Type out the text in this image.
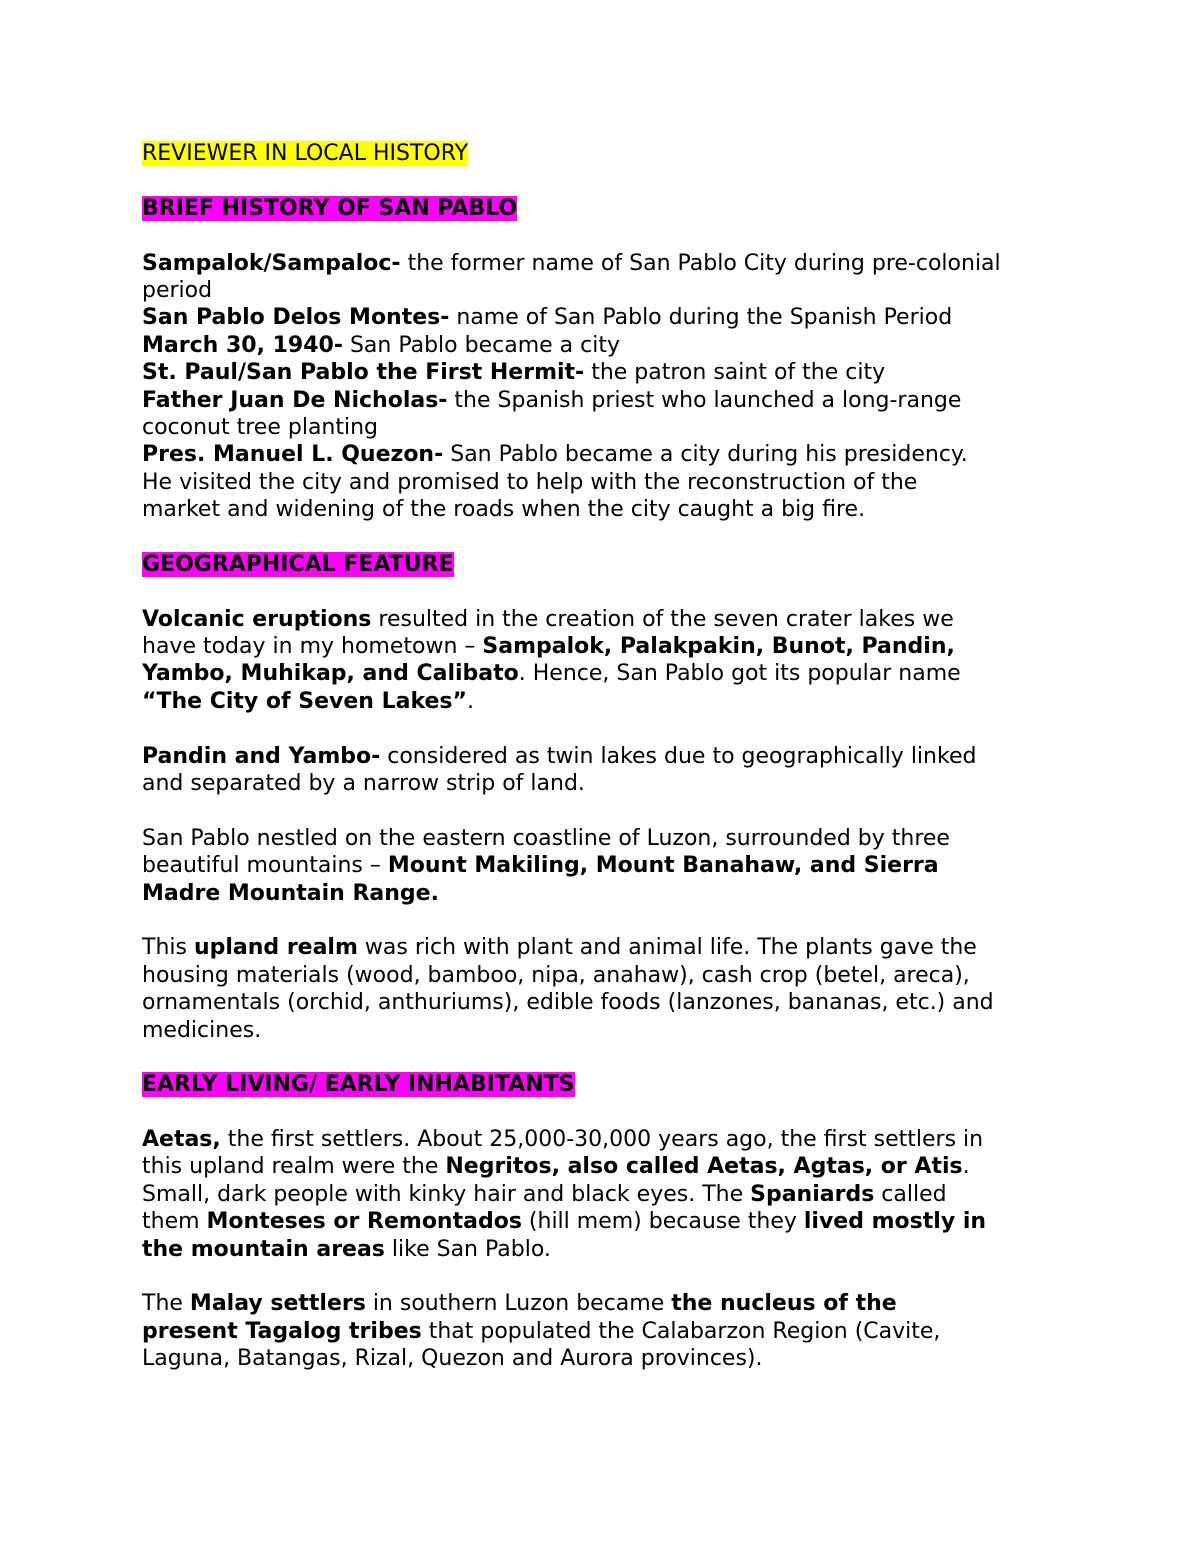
REVIEWER IN LOCAL HISTORY
BRIEF HISTORY OF SAN PABLO
Sampalok/Sampaloc- the former name of San Pablo City during pre-colonial
period
San Pablo Delos Montes- name of San Pablo during the Spanish Period
March 30, 1940- San Pablo became a city
St. Paul/San Pablo the First Hermit- the patron saint of the city
Father Juan De Nicholas- the Spanish priest who launched a long-range
coconut tree planting
Pres. Manuel L. Quezon- San Pablo became a city during his presidency.
He visited the city and promised to help with the reconstruction of the
market and widening of the roads when the city caught a big fire.
GEOGRAPHICAL FEATURE
Volcanic eruptions resulted in the creation of the seven crater lakes we
have today in my hometown – Sampalok, Palakpakin, Bunot, Pandin,
Yambo, Muhikap, and Calibato. Hence, San Pablo got its popular name
“The City of Seven Lakes”.
Pandin and Yambo- considered as twin lakes due to geographically linked
and separated by a narrow strip of land.
San Pablo nestled on the eastern coastline of Luzon, surrounded by three
beautiful mountains – Mount Makiling, Mount Banahaw, and Sierra
Madre Mountain Range.
This upland realm was rich with plant and animal life. The plants gave the
housing materials (wood, bamboo, nipa, anahaw), cash crop (betel, areca),
ornamentals (orchid, anthuriums), edible foods (lanzones, bananas, etc.) and
medicines.
EARLY LIVING/ EARLY INHABITANTS
Aetas, the first settlers. About 25,000-30,000 years ago, the first settlers in
this upland realm were the Negritos, also called Aetas, Agtas, or Atis.
Small, dark people with kinky hair and black eyes. The Spaniards called
them Monteses or Remontados (hill mem) because they lived mostly in
the mountain areas like San Pablo.
The Malay settlers in southern Luzon became the nucleus of the
present Tagalog tribes that populated the Calabarzon Region (Cavite,
Laguna, Batangas, Rizal, Quezon and Aurora provinces).
